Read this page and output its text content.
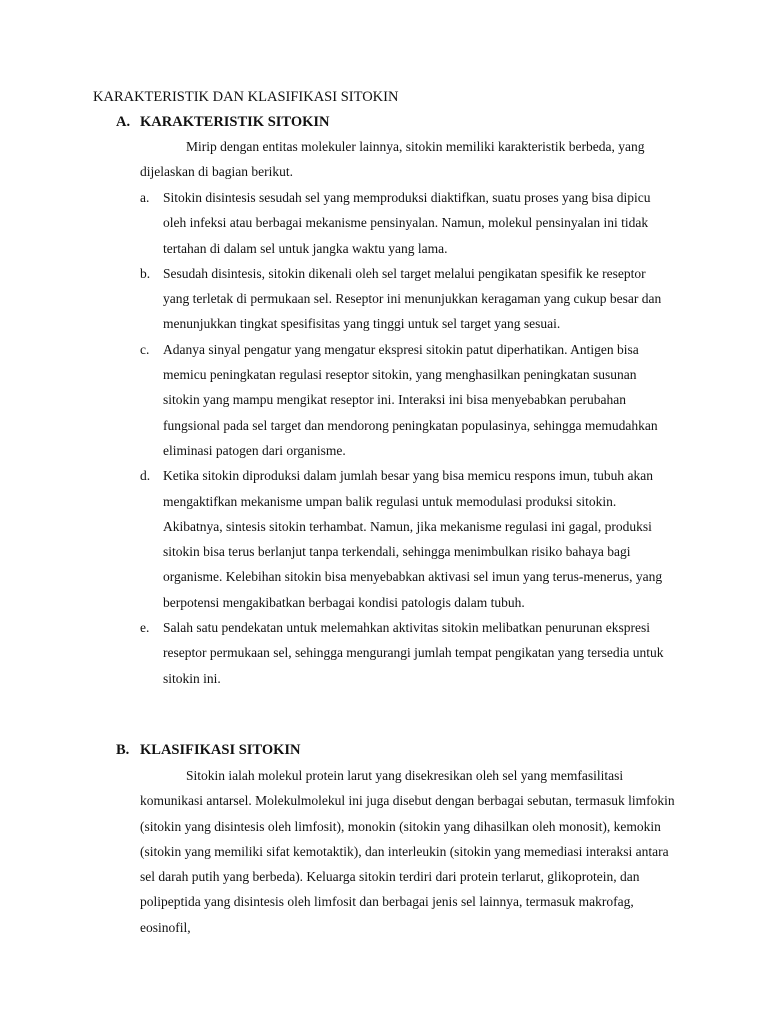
KARAKTERISTIK DAN KLASIFIKASI SITOKIN
A. KARAKTERISTIK SITOKIN

Mirip dengan entitas molekuler lainnya, sitokin memiliki karakteristik berbeda, yang dijelaskan di bagian berikut.

a.	Sitokin disintesis sesudah sel yang memproduksi diaktifkan, suatu proses yang bisa dipicu oleh infeksi atau berbagai mekanisme pensinyalan. Namun, molekul pensinyalan ini tidak tertahan di dalam sel untuk jangka waktu yang lama.
b. Sesudah disintesis, sitokin dikenali oleh sel target melalui pengikatan spesifik ke reseptor yang terletak di permukaan sel. Reseptor ini menunjukkan keragaman yang cukup besar dan menunjukkan tingkat spesifisitas yang tinggi untuk sel target yang sesuai.
c.	Adanya sinyal pengatur yang mengatur ekspresi sitokin patut diperhatikan. Antigen bisa memicu peningkatan regulasi reseptor sitokin, yang menghasilkan peningkatan susunan sitokin yang mampu mengikat reseptor ini. Interaksi ini bisa menyebabkan perubahan fungsional pada sel target dan mendorong peningkatan populasinya, sehingga memudahkan eliminasi patogen dari organisme.
d. Ketika sitokin diproduksi dalam jumlah besar yang bisa memicu respons imun, tubuh akan mengaktifkan mekanisme umpan balik regulasi untuk memodulasi produksi sitokin. Akibatnya, sintesis sitokin terhambat. Namun, jika mekanisme regulasi ini gagal, produksi sitokin bisa terus berlanjut tanpa terkendali, sehingga menimbulkan risiko bahaya bagi organisme. Kelebihan sitokin bisa menyebabkan aktivasi sel imun yang terus-menerus, yang berpotensi mengakibatkan berbagai kondisi patologis dalam tubuh.
e.	Salah satu pendekatan untuk melemahkan aktivitas sitokin melibatkan penurunan ekspresi reseptor permukaan sel, sehingga mengurangi jumlah tempat pengikatan yang tersedia untuk sitokin ini.
B. KLASIFIKASI SITOKIN

Sitokin ialah molekul protein larut yang disekresikan oleh sel yang memfasilitasi komunikasi antarsel. Molekulmolekul ini juga disebut dengan berbagai sebutan, termasuk limfokin (sitokin yang disintesis oleh limfosit), monokin (sitokin yang dihasilkan oleh monosit), kemokin (sitokin yang memiliki sifat kemotaktik), dan interleukin (sitokin yang memediasi interaksi antara sel darah putih yang berbeda). Keluarga sitokin terdiri dari protein terlarut, glikoprotein, dan polipeptida yang disintesis oleh limfosit dan berbagai jenis sel lainnya, termasuk makrofag, eosinofil,
